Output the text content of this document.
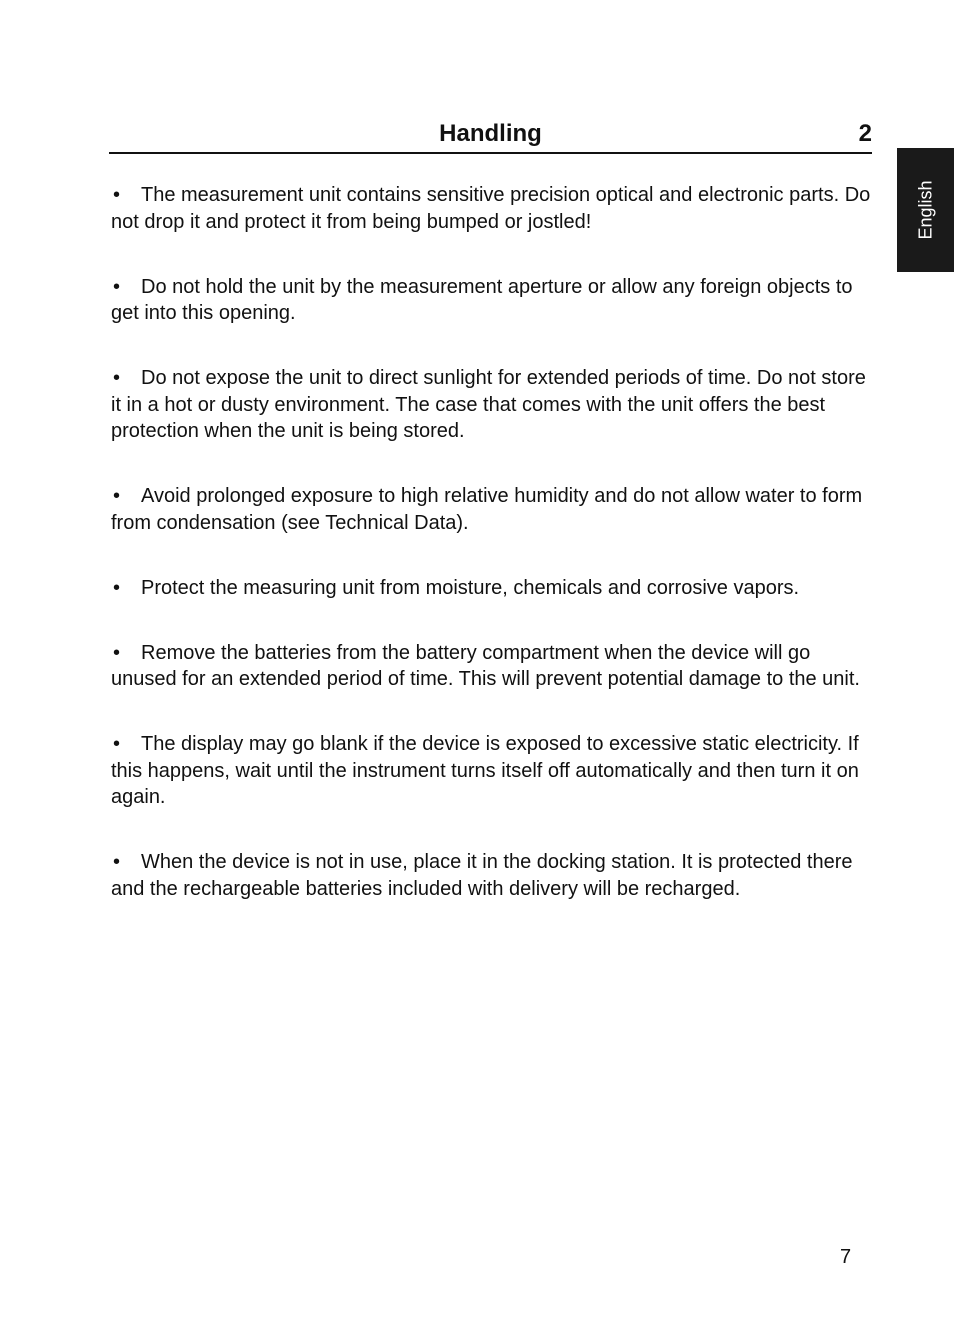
Handling	2
English

• The measurement unit contains sensitive precision optical and electronic parts. Do not drop it and protect it from being bumped or jostled!

• Do not hold the unit by the measurement aperture or allow any foreign objects to get into this opening.

• Do not expose the unit to direct sunlight for extended periods of time. Do not store it in a hot or dusty environment. The case that comes with the unit offers the best protection when the unit is being stored.

• Avoid prolonged exposure to high relative humidity and do not allow water to form from condensation (see Technical Data).

• Protect the measuring unit from moisture, chemicals and corrosive vapors.

• Remove the batteries from the battery compartment when the device will go unused for an extended period of time. This will prevent potential damage to the unit.

• The display may go blank if the device is exposed to excessive static electricity. If this happens, wait until the instrument turns itself off automatically and then turn it on again.

• When the device is not in use, place it in the docking station. It is protected there and the rechargeable batteries included with delivery will be recharged.

7
